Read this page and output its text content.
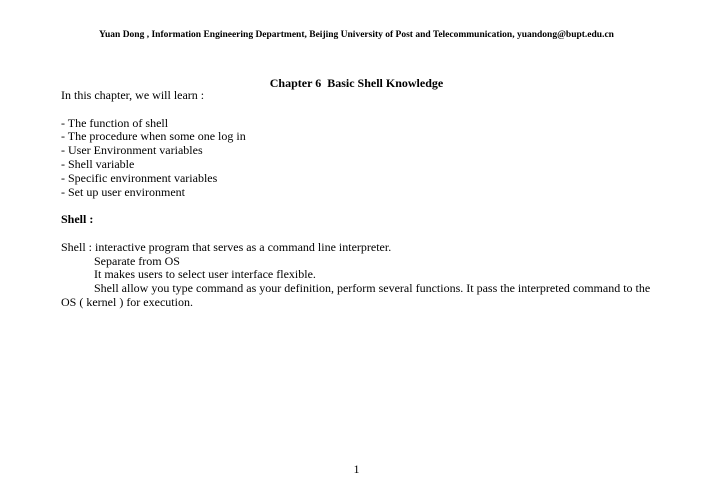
Yuan Dong , Information Engineering Department, Beijing University of Post and Telecommunication, yuandong@bupt.edu.cn
Chapter 6  Basic Shell Knowledge

In this chapter, we will learn :

- The function of shell

- The procedure when some one log in

- User Environment variables

- Shell variable

- Specific environment variables

- Set up user environment

Shell :

Shell : interactive program that serves as a command line interpreter.

Separate from OS

It makes users to select user interface flexible.

Shell allow you type command as your definition, perform several functions. It pass the interpreted command to the

OS ( kernel ) for execution.

1
